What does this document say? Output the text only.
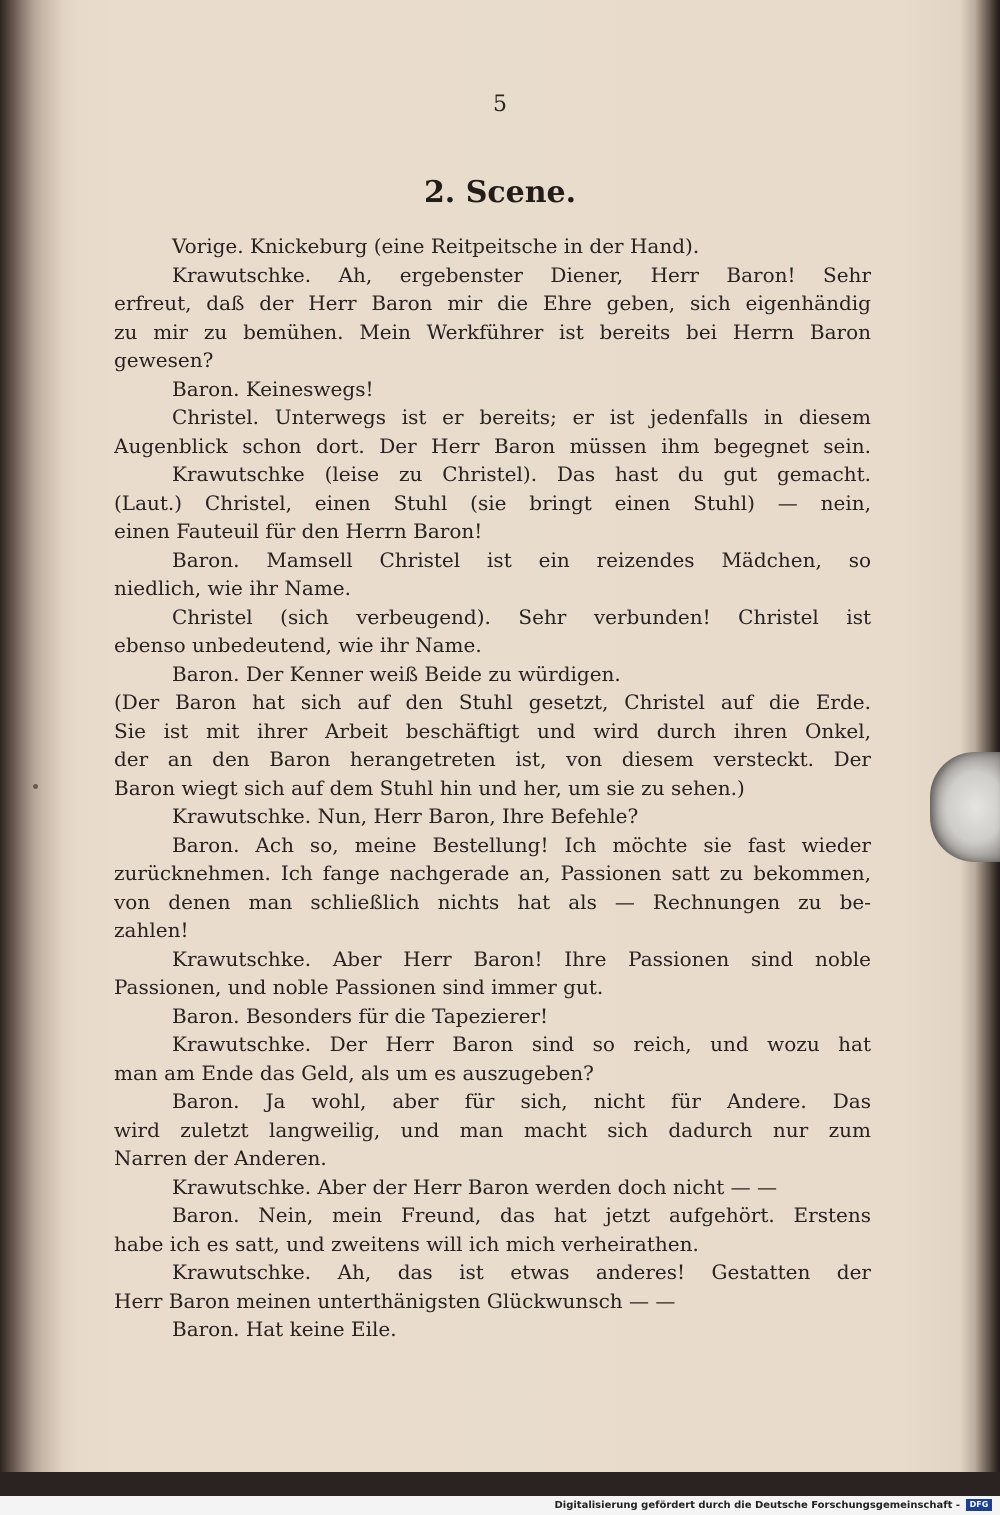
5
2. Scene.
Vorige. Knickeburg (eine Reitpeitsche in der Hand).
Krawutschke. Ah, ergebenster Diener, Herr Baron! Sehr
erfreut, daß der Herr Baron mir die Ehre geben, sich eigenhändig
zu mir zu bemühen. Mein Werkführer ist bereits bei Herrn Baron
gewesen?
Baron. Keineswegs!
Christel. Unterwegs ist er bereits; er ist jedenfalls in diesem
Augenblick schon dort. Der Herr Baron müssen ihm begegnet sein.
Krawutschke (leise zu Christel). Das hast du gut gemacht.
(Laut.) Christel, einen Stuhl (sie bringt einen Stuhl) — nein,
einen Fauteuil für den Herrn Baron!
Baron. Mamsell Christel ist ein reizendes Mädchen, so
niedlich, wie ihr Name.
Christel (sich verbeugend). Sehr verbunden! Christel ist
ebenso unbedeutend, wie ihr Name.
Baron. Der Kenner weiß Beide zu würdigen.
(Der Baron hat sich auf den Stuhl gesetzt, Christel auf die Erde.
Sie ist mit ihrer Arbeit beschäftigt und wird durch ihren Onkel,
der an den Baron herangetreten ist, von diesem versteckt. Der
Baron wiegt sich auf dem Stuhl hin und her, um sie zu sehen.)
Krawutschke. Nun, Herr Baron, Ihre Befehle?
Baron. Ach so, meine Bestellung! Ich möchte sie fast wieder
zurücknehmen. Ich fange nachgerade an, Passionen satt zu bekommen,
von denen man schließlich nichts hat als — Rechnungen zu be-
zahlen!
Krawutschke. Aber Herr Baron! Ihre Passionen sind noble
Passionen, und noble Passionen sind immer gut.
Baron. Besonders für die Tapezierer!
Krawutschke. Der Herr Baron sind so reich, und wozu hat
man am Ende das Geld, als um es auszugeben?
Baron. Ja wohl, aber für sich, nicht für Andere. Das
wird zuletzt langweilig, und man macht sich dadurch nur zum
Narren der Anderen.
Krawutschke. Aber der Herr Baron werden doch nicht — —
Baron. Nein, mein Freund, das hat jetzt aufgehört. Erstens
habe ich es satt, und zweitens will ich mich verheirathen.
Krawutschke. Ah, das ist etwas anderes! Gestatten der
Herr Baron meinen unterthänigsten Glückwunsch — —
Baron. Hat keine Eile.
Digitalisierung gefördert durch die Deutsche Forschungsgemeinschaft -	DFG
